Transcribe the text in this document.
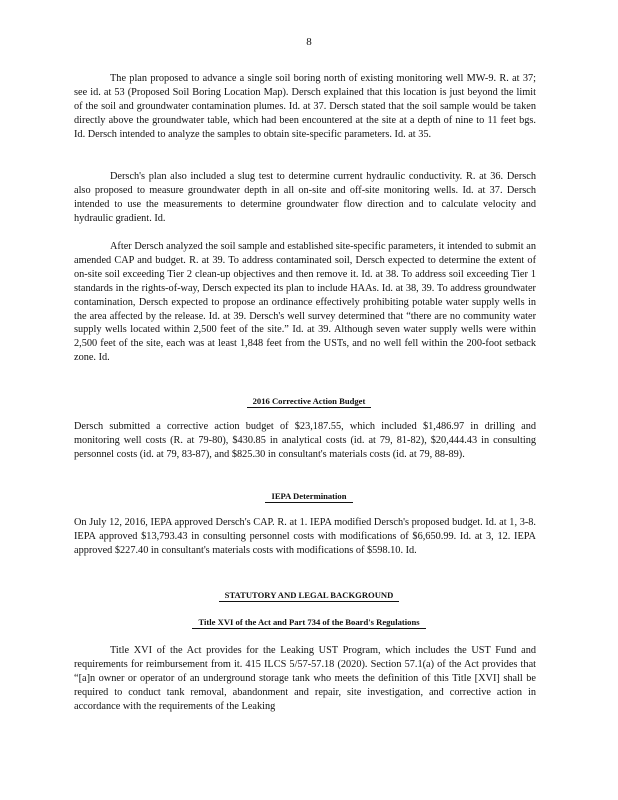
8

The plan proposed to advance a single soil boring north of existing monitoring well MW-9. R. at 37; see id. at 53 (Proposed Soil Boring Location Map). Dersch explained that this location is just beyond the limit of the soil and groundwater contamination plumes. Id. at 37. Dersch stated that the soil sample would be taken directly above the groundwater table, which had been encountered at the site at a depth of nine to 11 feet bgs. Id. Dersch intended to analyze the samples to obtain site-specific parameters. Id. at 35.

Dersch's plan also included a slug test to determine current hydraulic conductivity. R. at 36. Dersch also proposed to measure groundwater depth in all on-site and off-site monitoring wells. Id. at 37. Dersch intended to use the measurements to determine groundwater flow direction and to calculate velocity and hydraulic gradient. Id.

After Dersch analyzed the soil sample and established site-specific parameters, it intended to submit an amended CAP and budget. R. at 39. To address contaminated soil, Dersch expected to determine the extent of on-site soil exceeding Tier 2 clean-up objectives and then remove it. Id. at 38. To address soil exceeding Tier 1 standards in the rights-of-way, Dersch expected its plan to include HAAs. Id. at 38, 39. To address groundwater contamination, Dersch expected to propose an ordinance effectively prohibiting potable water supply wells in the area affected by the release. Id. at 39. Dersch's well survey determined that “there are no community water supply wells located within 2,500 feet of the site.” Id. at 39. Although seven water supply wells were within 2,500 feet of the site, each was at least 1,848 feet from the USTs, and no well fell within the 200-foot setback zone. Id.

2016 Corrective Action Budget

Dersch submitted a corrective action budget of $23,187.55, which included $1,486.97 in drilling and monitoring well costs (R. at 79-80), $430.85 in analytical costs (id. at 79, 81-82), $20,444.43 in consulting personnel costs (id. at 79, 83-87), and $825.30 in consultant's materials costs (id. at 79, 88-89).

IEPA Determination

On July 12, 2016, IEPA approved Dersch's CAP. R. at 1. IEPA modified Dersch's proposed budget. Id. at 1, 3-8. IEPA approved $13,793.43 in consulting personnel costs with modifications of $6,650.99. Id. at 3, 12. IEPA approved $227.40 in consultant's materials costs with modifications of $598.10. Id.

STATUTORY AND LEGAL BACKGROUND
Title XVI of the Act and Part 734 of the Board's Regulations

Title XVI of the Act provides for the Leaking UST Program, which includes the UST Fund and requirements for reimbursement from it. 415 ILCS 5/57-57.18 (2020). Section 57.1(a) of the Act provides that “[a]n owner or operator of an underground storage tank who meets the definition of this Title [XVI] shall be required to conduct tank removal, abandonment and repair, site investigation, and corrective action in accordance with the requirements of the Leaking
